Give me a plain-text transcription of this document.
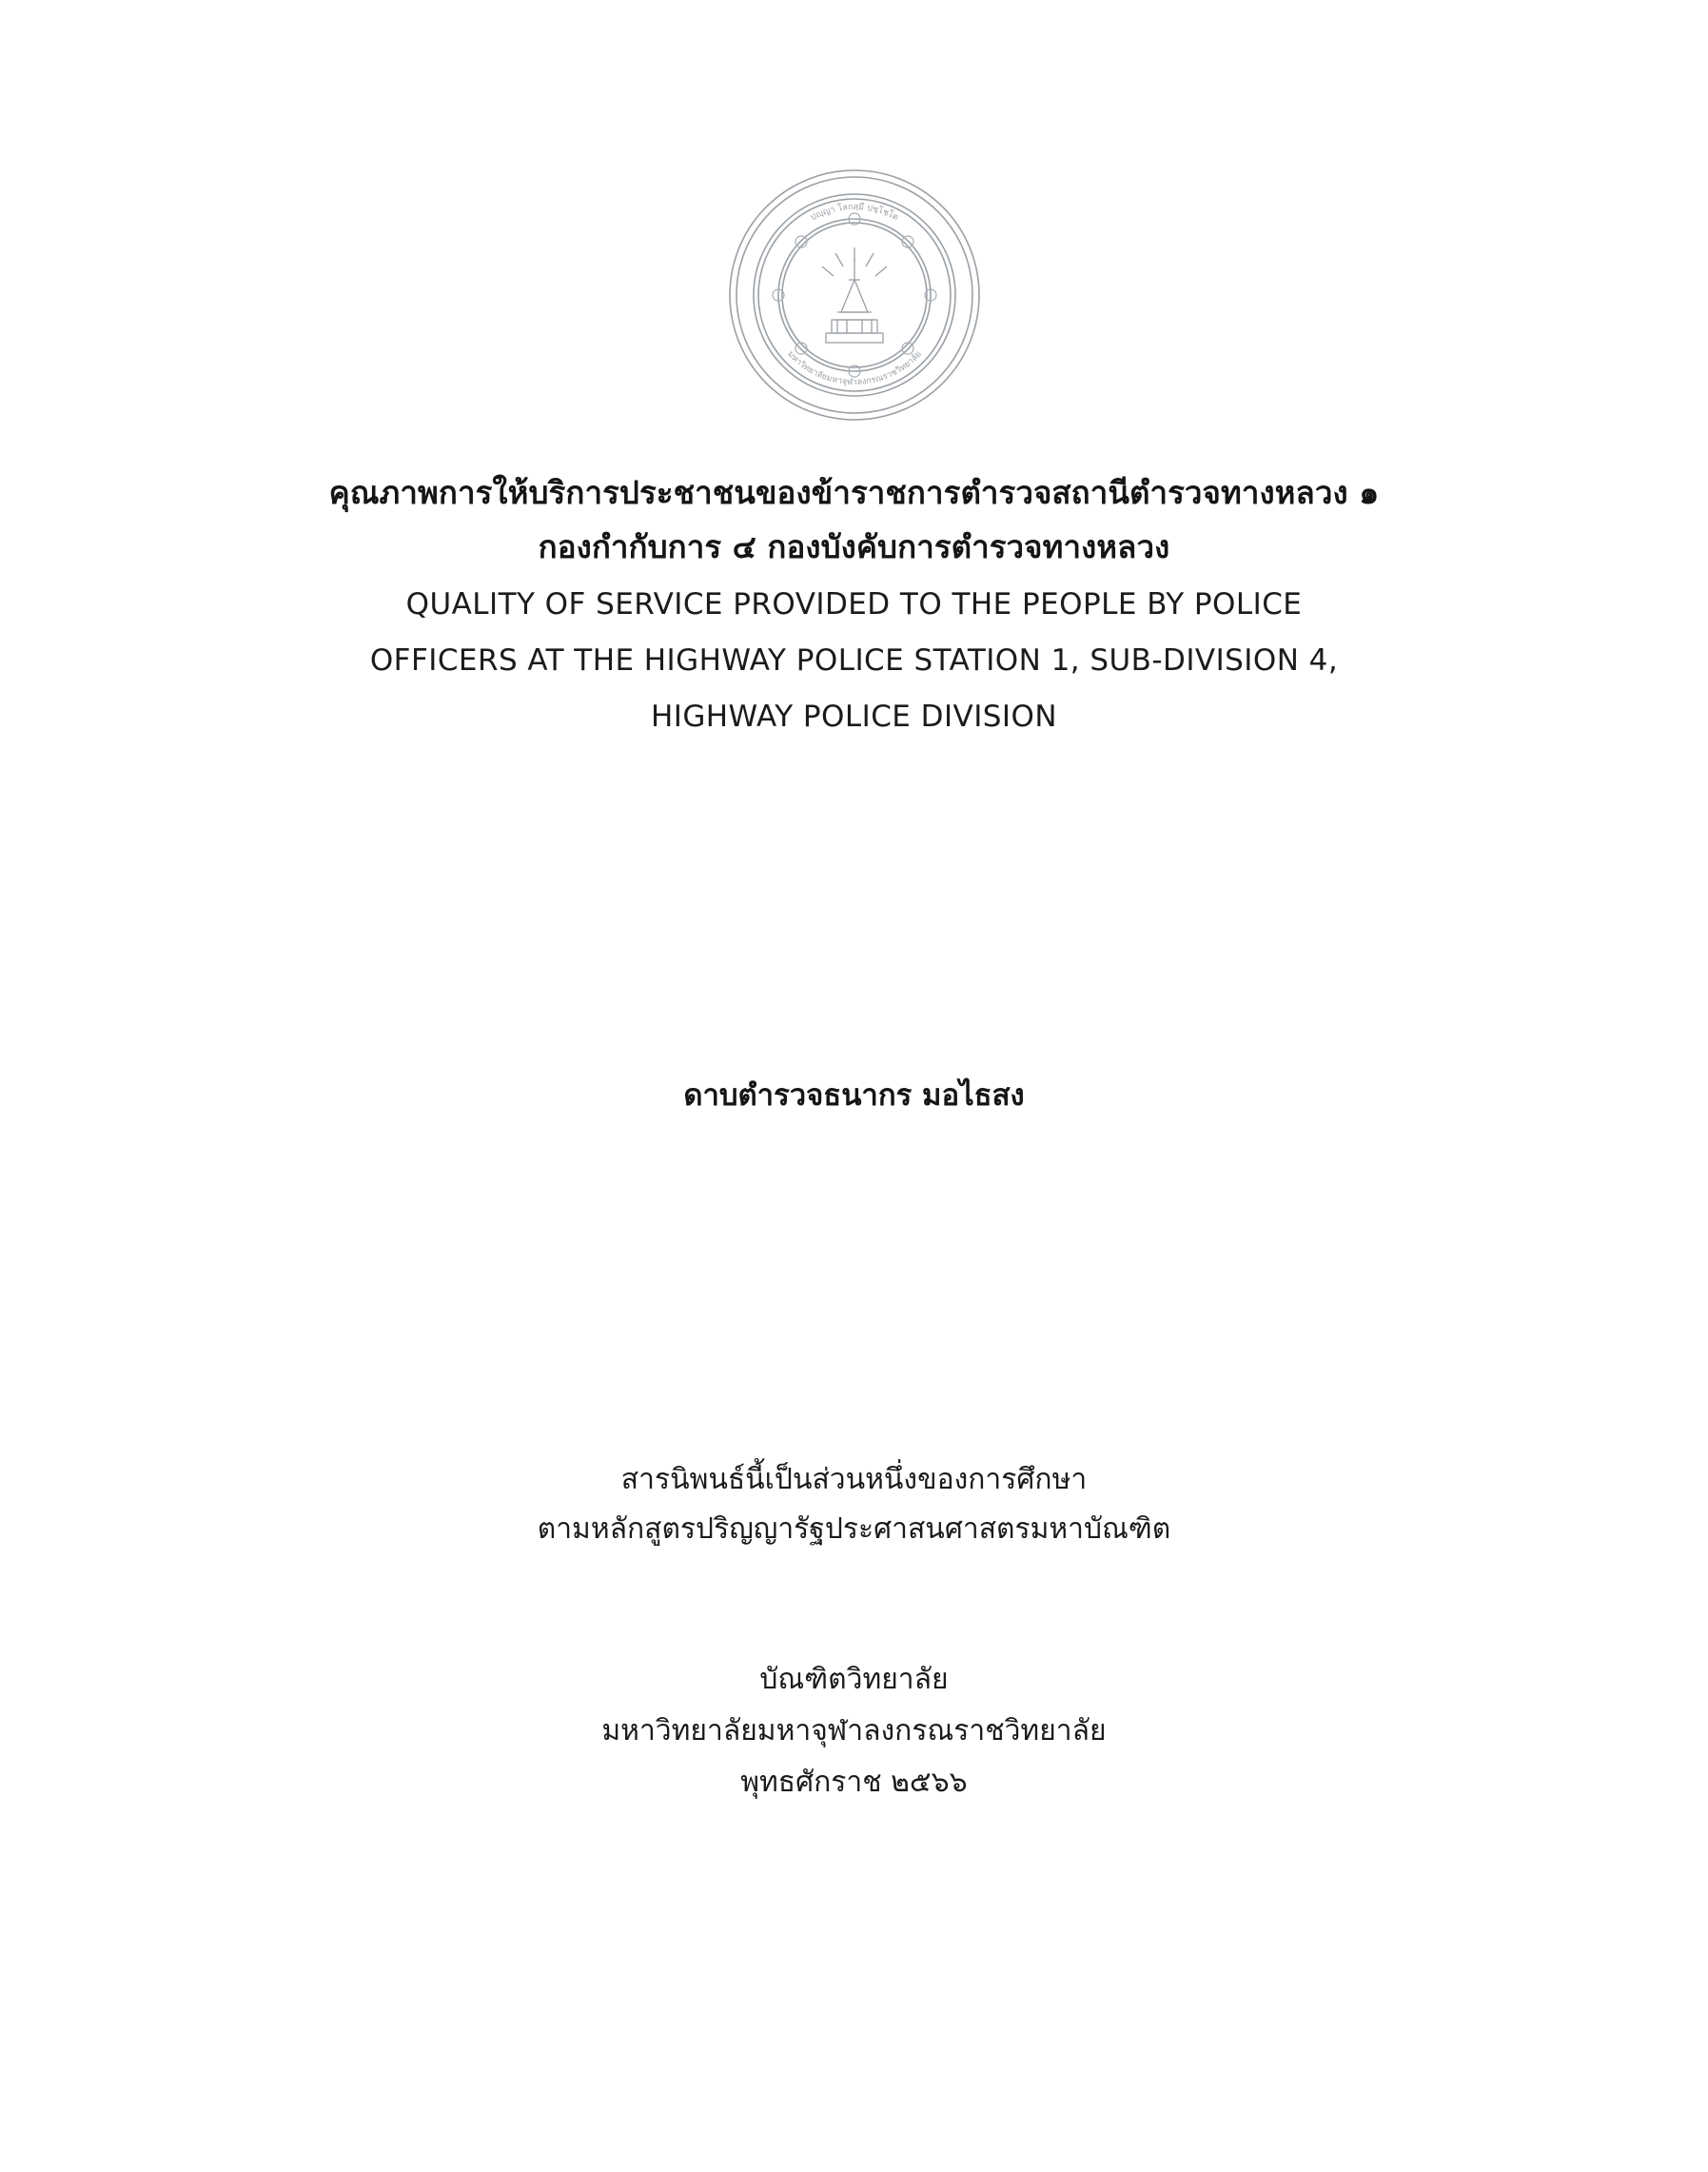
ปญฺญา โลกสฺมึ ปชฺโชโต
มหาวิทยาลัยมหาจุฬาลงกรณราชวิทยาลัย
คุณภาพการให้บริการประชาชนของข้าราชการตำรวจสถานีตำรวจทางหลวง ๑
กองกำกับการ ๔ กองบังคับการตำรวจทางหลวง
QUALITY OF SERVICE PROVIDED TO THE PEOPLE BY POLICE
OFFICERS AT THE HIGHWAY POLICE STATION 1, SUB-DIVISION 4,
HIGHWAY POLICE DIVISION
ดาบตำรวจธนากร มอไธสง
สารนิพนธ์นี้เป็นส่วนหนึ่งของการศึกษา
ตามหลักสูตรปริญญารัฐประศาสนศาสตรมหาบัณฑิต
บัณฑิตวิทยาลัย
มหาวิทยาลัยมหาจุฬาลงกรณราชวิทยาลัย
พุทธศักราช ๒๕๖๖
